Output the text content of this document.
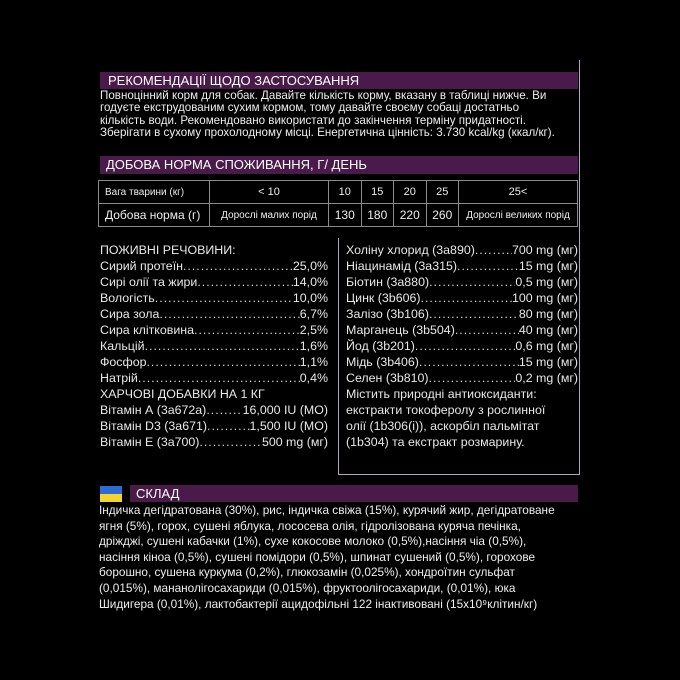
РЕКОМЕНДАЦІЇ ЩОДО ЗАСТОСУВАННЯ
Повноцінний корм для собак. Давайте кількість корму, вказану в таблиці нижче. Ви
годуєте екструдованим сухим кормом, тому давайте своєму собаці достатньо
кількість води. Рекомендовано використати до закінчення терміну придатності.
Зберігати в сухому прохолодному місці. Енергетична цінність: 3.730 kcal/kg (ккал/кг).
ДОБОВА НОРМА СПОЖИВАННЯ, Г/ ДЕНЬ
Вага тварини (кг)	< 10	10	15	20	25	25<
Добова норма (г)	Дорослі малих порід	130	180	220	260	Дорослі великих порід
ПОЖИВНІ РЕЧОВИНИ:
Сирий протеїн .....	25,0%
Сирі олії та жири .....	14,0%
Вологість .....	10,0%
Сира зола .....	6,7%
Сира клітковина .....	2,5%
Кальцій .....	1,6%
Фосфор .....	1,1%
Натрій .....	0,4%
ХАРЧОВІ ДОБАВКИ НА 1 КГ
Вітамін А (3а672а) .....	16,000 IU (MO)
Вітамін D3 (3а671) .....	1,500 IU (MO)
Вітамін Е (3а700) .....	500 mg (мг)
Холіну хлорид (3а890) .....	700 mg (мг)
Ніацинамід (3а315) .....	15 mg (мг)
Біотин (3а880) .....	0,5 mg (мг)
Цинк (3b606) .....	100 mg (мг)
Залізо (3b106) .....	80 mg (мг)
Марганець (3b504) .....	40 mg (мг)
Йод (3b201) .....	0,6 mg (мг)
Мідь (3b406) .....	15 mg (мг)
Селен (3b810) .....	0,2 mg (мг)
Містить природні антиоксиданти:
екстракти токоферолу з рослинної
олії (1b306(i)), аскорбіл пальмітат
(1b304) та екстракт розмарину.
СКЛАД
Індичка дегідратована (30%), рис, індичка свіжа (15%), курячий жир, дегідратоване
ягня (5%), горох, сушені яблука, лососева олія, гідролізована куряча печінка,
дріжджі, сушені кабачки (1%), сухе кокосове молоко (0,5%),насіння чіа (0,5%),
насіння кіноа (0,5%), сушені помідори (0,5%), шпинат сушений (0,5%), горохове
борошно, сушена куркума (0,2%), глюкозамін (0,025%), хондроїтин сульфат
(0,015%), мананолігосахариди (0,015%), фруктоолігосахариди, (0,01%), юка
Шидигера (0,01%), лактобактерії ацидофільні 122 інактивовані (15x10⁹клітин/кг)
